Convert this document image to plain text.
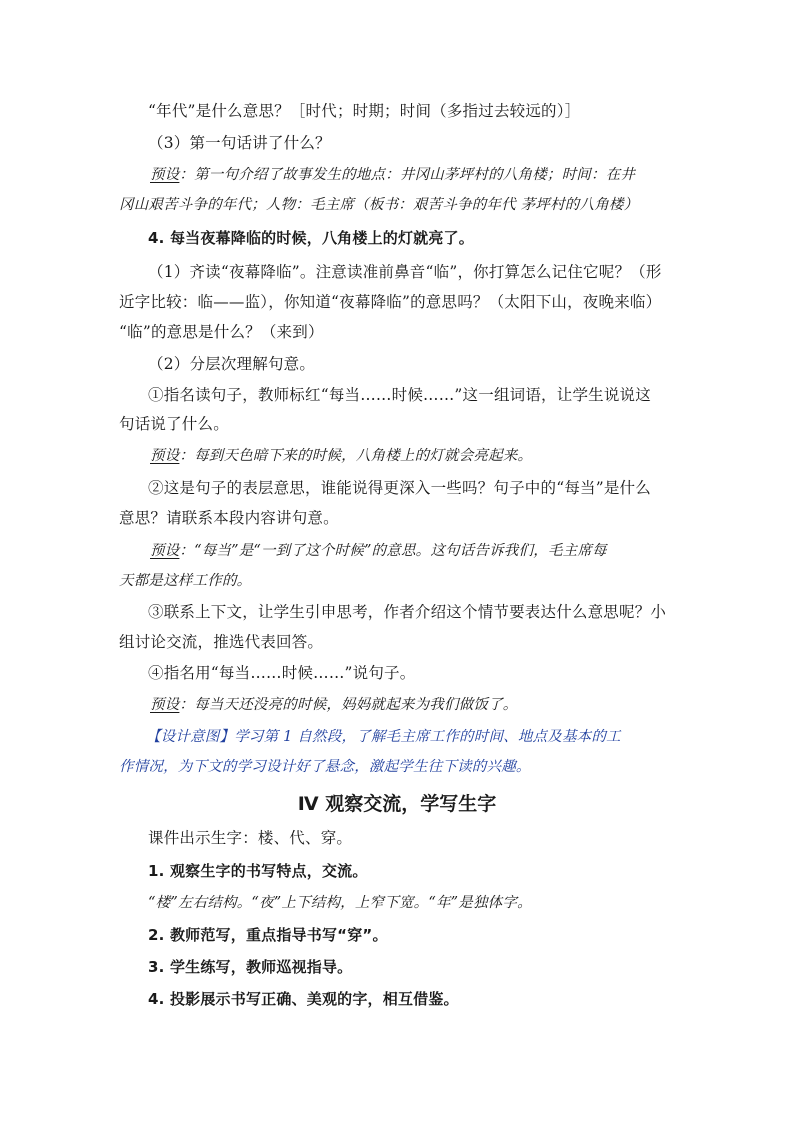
“年代”是什么意思？［时代；时期；时间（多指过去较远的）］
（3）第一句话讲了什么？
预设：第一句介绍了故事发生的地点：井冈山茅坪村的八角楼；时间：在井
冈山艰苦斗争的年代；人物：毛主席（板书：艰苦斗争的年代 茅坪村的八角楼）
4. 每当夜幕降临的时候，八角楼上的灯就亮了。
（1）齐读“夜幕降临”。注意读准前鼻音“临”，你打算怎么记住它呢？（形
近字比较：临——监），你知道“夜幕降临”的意思吗？（太阳下山，夜晚来临）
“临”的意思是什么？（来到）
（2）分层次理解句意。
①指名读句子，教师标红“每当……时候……”这一组词语，让学生说说这
句话说了什么。
预设：每到天色暗下来的时候，八角楼上的灯就会亮起来。
②这是句子的表层意思，谁能说得更深入一些吗？句子中的“每当”是什么
意思？请联系本段内容讲句意。
预设：“每当”是“一到了这个时候”的意思。这句话告诉我们，毛主席每
天都是这样工作的。
③联系上下文，让学生引申思考，作者介绍这个情节要表达什么意思呢？小
组讨论交流，推选代表回答。
④指名用“每当……时候……”说句子。
预设：每当天还没亮的时候，妈妈就起来为我们做饭了。
【设计意图】学习第 1 自然段，了解毛主席工作的时间、地点及基本的工
作情况，为下文的学习设计好了悬念，激起学生往下读的兴趣。
Ⅳ 观察交流，学写生字
课件出示生字：楼、代、穿。
1. 观察生字的书写特点，交流。
“楼”左右结构。“夜”上下结构，上窄下宽。“年”是独体字。
2. 教师范写，重点指导书写“穿”。
3. 学生练写，教师巡视指导。
4. 投影展示书写正确、美观的字，相互借鉴。
